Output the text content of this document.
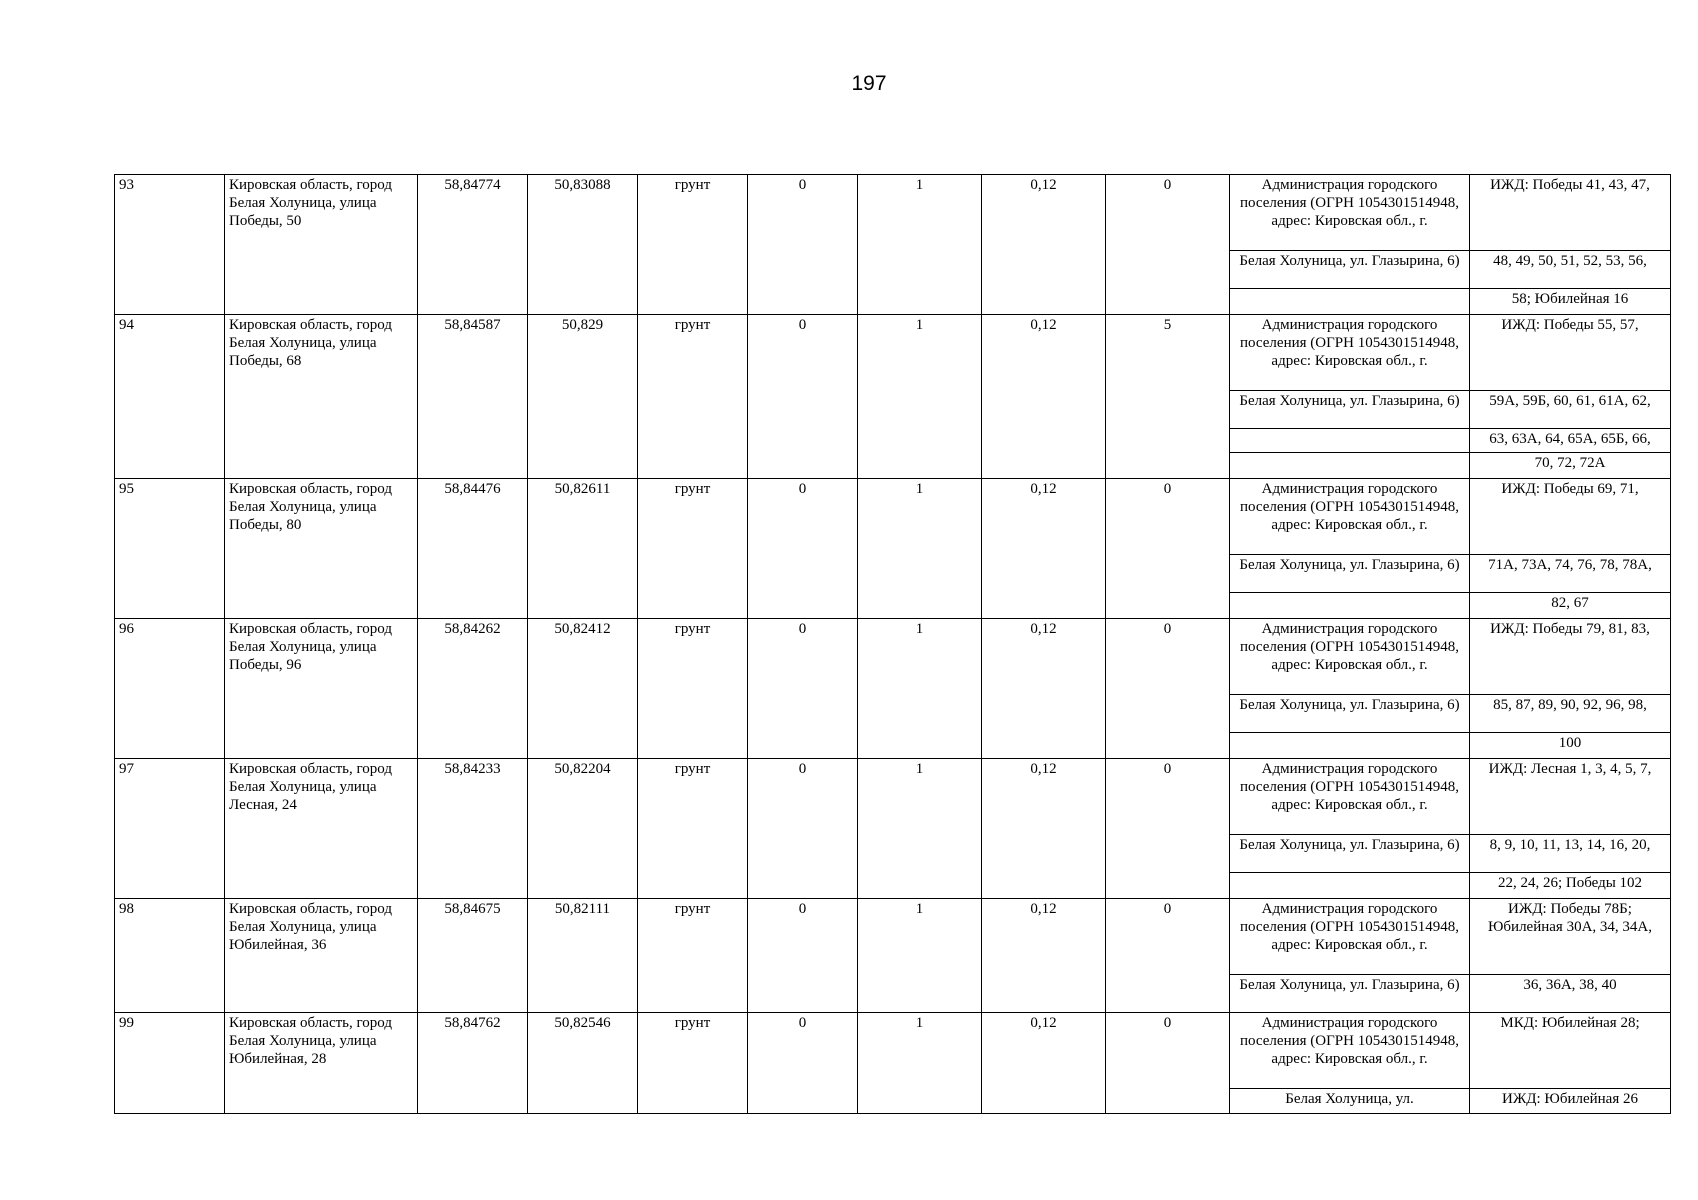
197
93	Кировская область, город Белая Холуница, улица Победы, 50	58,84774	50,83088	грунт	0	1	0,12	0	Администрация городского поселения (ОГРН 1054301514948, адрес: Кировская обл., г.	ИЖД: Победы 41, 43, 47,
									Белая Холуница, ул. Глазырина, 6)	48, 49, 50, 51, 52, 53, 56,
										58; Юбилейная 16
94	Кировская область, город Белая Холуница, улица Победы, 68	58,84587	50,829	грунт	0	1	0,12	5	Администрация городского поселения (ОГРН 1054301514948, адрес: Кировская обл., г.	ИЖД: Победы 55, 57,
									Белая Холуница, ул. Глазырина, 6)	59А, 59Б, 60, 61, 61А, 62,
										63, 63А, 64, 65А, 65Б, 66,
										70, 72, 72А
95	Кировская область, город Белая Холуница, улица Победы, 80	58,84476	50,82611	грунт	0	1	0,12	0	Администрация городского поселения (ОГРН 1054301514948, адрес: Кировская обл., г.	ИЖД: Победы 69, 71,
									Белая Холуница, ул. Глазырина, 6)	71А, 73А, 74, 76, 78, 78А,
										82, 67
96	Кировская область, город Белая Холуница, улица Победы, 96	58,84262	50,82412	грунт	0	1	0,12	0	Администрация городского поселения (ОГРН 1054301514948, адрес: Кировская обл., г.	ИЖД: Победы 79, 81, 83,
									Белая Холуница, ул. Глазырина, 6)	85, 87, 89, 90, 92, 96, 98,
										100
97	Кировская область, город Белая Холуница, улица Лесная, 24	58,84233	50,82204	грунт	0	1	0,12	0	Администрация городского поселения (ОГРН 1054301514948, адрес: Кировская обл., г.	ИЖД: Лесная 1, 3, 4, 5, 7,
									Белая Холуница, ул. Глазырина, 6)	8, 9, 10, 11, 13, 14, 16, 20,
										22, 24, 26; Победы 102
98	Кировская область, город Белая Холуница, улица Юбилейная, 36	58,84675	50,82111	грунт	0	1	0,12	0	Администрация городского поселения (ОГРН 1054301514948, адрес: Кировская обл., г.	ИЖД: Победы 78Б; Юбилейная 30А, 34, 34А,
									Белая Холуница, ул. Глазырина, 6)	36, 36А, 38, 40
99	Кировская область, город Белая Холуница, улица Юбилейная, 28	58,84762	50,82546	грунт	0	1	0,12	0	Администрация городского поселения (ОГРН 1054301514948, адрес: Кировская обл., г.	МКД: Юбилейная 28;
									Белая Холуница, ул.	ИЖД: Юбилейная 26
